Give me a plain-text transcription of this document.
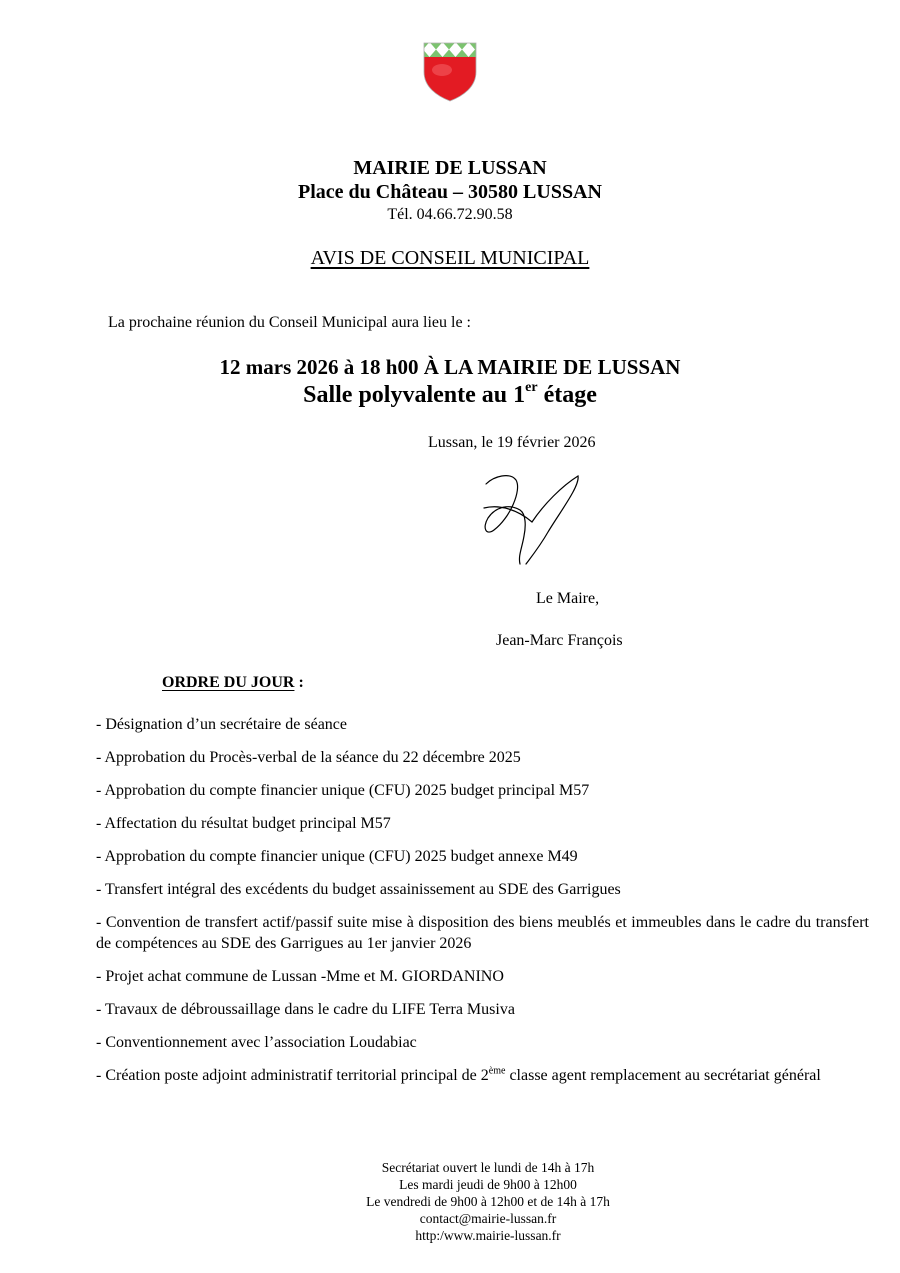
MAIRIE DE LUSSAN
Place du Château – 30580 LUSSAN
Tél. 04.66.72.90.58
AVIS DE CONSEIL MUNICIPAL
La prochaine réunion du Conseil Municipal aura lieu le :
12 mars 2026 à 18 h00 À LA MAIRIE DE LUSSAN
Salle polyvalente au 1er étage
Lussan, le 19 février 2026
Le Maire,
Jean-Marc François
ORDRE DU JOUR :
- Désignation d’un secrétaire de séance
- Approbation du Procès-verbal de la séance du 22 décembre 2025
- Approbation du compte financier unique (CFU) 2025 budget principal M57
- Affectation du résultat budget principal M57
- Approbation du compte financier unique (CFU) 2025 budget annexe M49
- Transfert intégral des excédents du budget assainissement au SDE des Garrigues
- Convention de transfert actif/passif suite mise à disposition des biens meublés et immeubles dans le cadre du transfert de compétences au SDE des Garrigues au 1er janvier 2026
- Projet achat commune de Lussan -Mme et M. GIORDANINO
- Travaux de débroussaillage dans le cadre du LIFE Terra Musiva
- Conventionnement avec l’association Loudabiac
- Création poste adjoint administratif territorial principal de 2ème classe agent remplacement au secrétariat général
Secrétariat ouvert le lundi de 14h à 17h
Les mardi jeudi de 9h00 à 12h00
Le vendredi de 9h00 à 12h00 et de 14h à 17h
contact@mairie-lussan.fr
http:/www.mairie-lussan.fr
